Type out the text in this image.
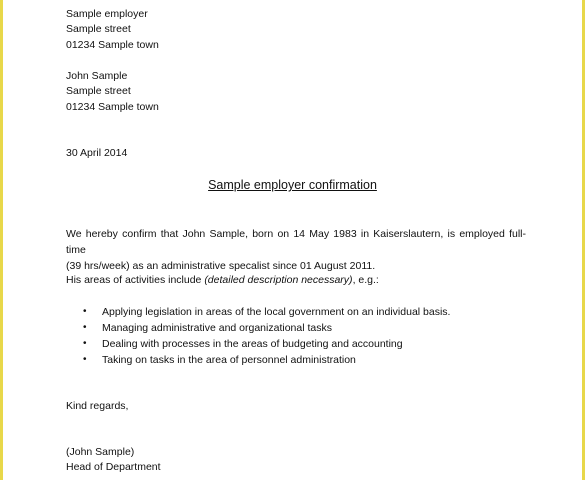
Sample employer
Sample street
01234 Sample town
John Sample
Sample street
01234 Sample town
30 April 2014
Sample employer confirmation
We hereby confirm that John Sample, born on 14 May 1983 in Kaiserslautern, is employed full-time
(39 hrs/week) as an administrative specalist since 01 August 2011.
His areas of activities include (detailed description necessary), e.g.:
• Applying legislation in areas of the local government on an individual basis.
• Managing administrative and organizational tasks
• Dealing with processes in the areas of budgeting and accounting
• Taking on tasks in the area of personnel administration
Kind regards,
(John Sample)
Head of Department
